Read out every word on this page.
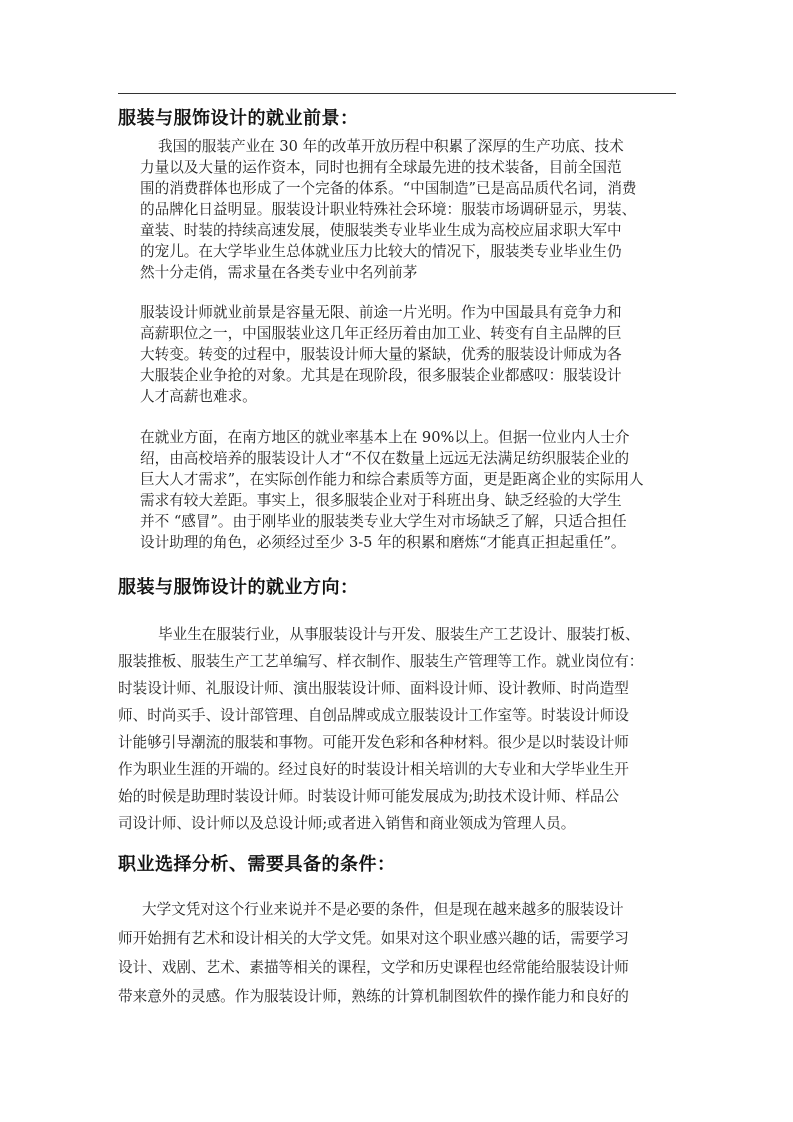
服装与服饰设计的就业前景：
我国的服装产业在 30 年的改革开放历程中积累了深厚的生产功底、技术
力量以及大量的运作资本，同时也拥有全球最先进的技术装备，目前全国范
围的消费群体也形成了一个完备的体系。“中国制造”已是高品质代名词，消费
的品牌化日益明显。服装设计职业特殊社会环境：服装市场调研显示，男装、
童装、时装的持续高速发展，使服装类专业毕业生成为高校应届求职大军中
的宠儿。在大学毕业生总体就业压力比较大的情况下，服装类专业毕业生仍
然十分走俏，需求量在各类专业中名列前茅
服装设计师就业前景是容量无限、前途一片光明。作为中国最具有竞争力和
高薪职位之一，中国服装业这几年正经历着由加工业、转变有自主品牌的巨
大转变。转变的过程中，服装设计师大量的紧缺，优秀的服装设计师成为各
大服装企业争抢的对象。尤其是在现阶段，很多服装企业都感叹：服装设计
人才高薪也难求。
在就业方面，在南方地区的就业率基本上在 90%以上。但据一位业内人士介
绍，由高校培养的服装设计人才“不仅在数量上远远无法满足纺织服装企业的
巨大人才需求”，在实际创作能力和综合素质等方面，更是距离企业的实际用人
需求有较大差距。事实上，很多服装企业对于科班出身、缺乏经验的大学生
并不 “感冒”。由于刚毕业的服装类专业大学生对市场缺乏了解，只适合担任
设计助理的角色，必须经过至少 3-5 年的积累和磨炼“才能真正担起重任”。
服装与服饰设计的就业方向：
毕业生在服装行业，从事服装设计与开发、服装生产工艺设计、服装打板、
服装推板、服装生产工艺单编写、样衣制作、服装生产管理等工作。就业岗位有：
时装设计师、礼服设计师、演出服装设计师、面料设计师、设计教师、时尚造型
师、时尚买手、设计部管理、自创品牌或成立服装设计工作室等。时装设计师设
计能够引导潮流的服装和事物。可能开发色彩和各种材料。很少是以时装设计师
作为职业生涯的开端的。经过良好的时装设计相关培训的大专业和大学毕业生开
始的时候是助理时装设计师。时装设计师可能发展成为;助技术设计师、样品公
司设计师、设计师以及总设计师;或者进入销售和商业领成为管理人员。
职业选择分析、需要具备的条件：
大学文凭对这个行业来说并不是必要的条件，但是现在越来越多的服装设计
师开始拥有艺术和设计相关的大学文凭。如果对这个职业感兴趣的话，需要学习
设计、戏剧、艺术、素描等相关的课程，文学和历史课程也经常能给服装设计师
带来意外的灵感。作为服装设计师，熟练的计算机制图软件的操作能力和良好的
